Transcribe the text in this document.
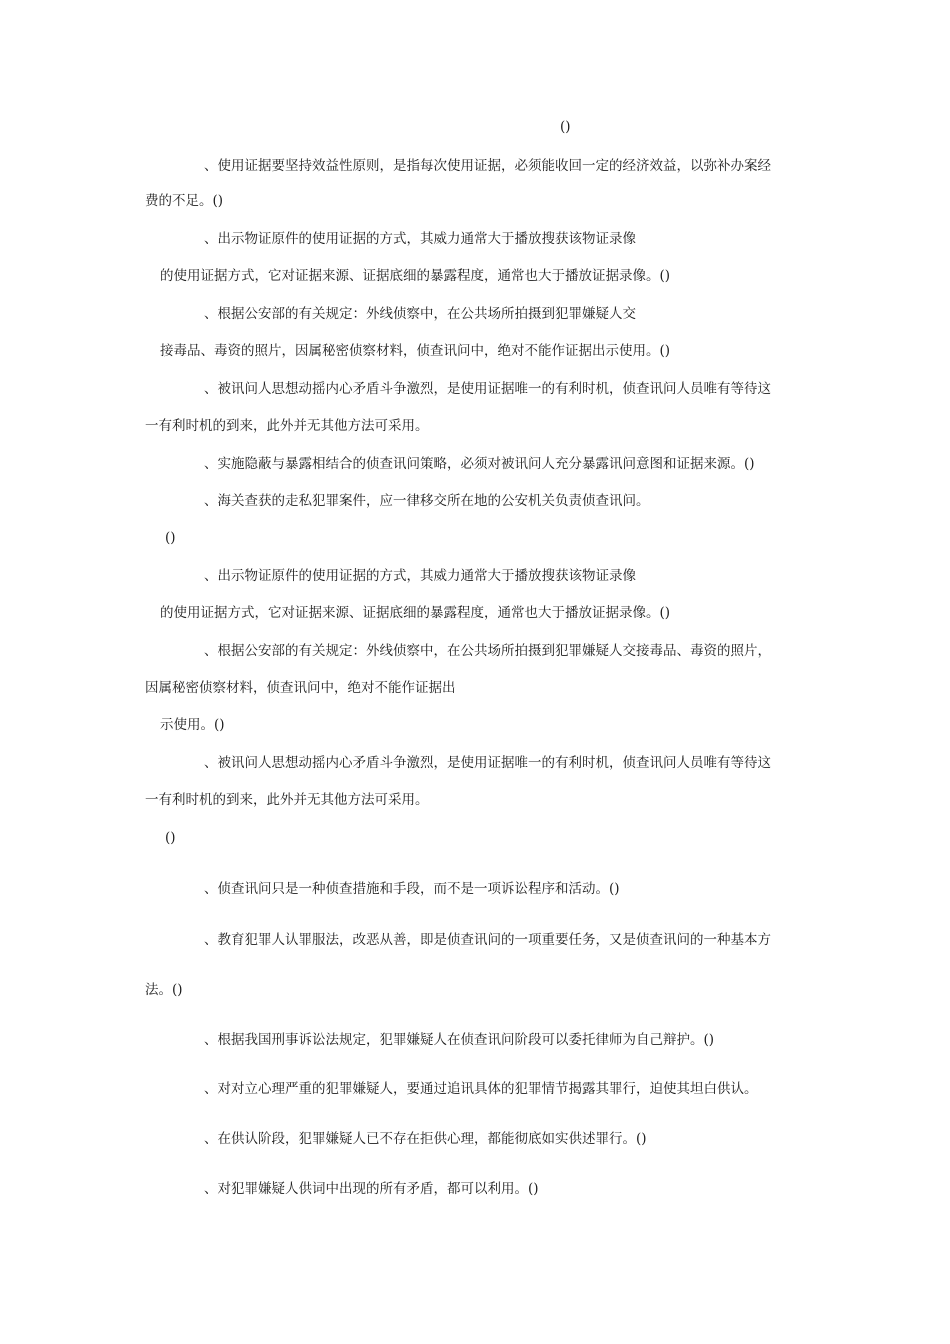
()
、使用证据要坚持效益性原则，是指每次使用证据，必须能收回一定的经济效益，以弥补办案经
费的不足。()
、出示物证原件的使用证据的方式，其威力通常大于播放搜获该物证录像
的使用证据方式，它对证据来源、证据底细的暴露程度，通常也大于播放证据录像。()
、根据公安部的有关规定：外线侦察中，在公共场所拍摄到犯罪嫌疑人交
接毒品、毒资的照片，因属秘密侦察材料，侦查讯问中，绝对不能作证据出示使用。()
、被讯问人思想动摇内心矛盾斗争激烈，是使用证据唯一的有利时机，侦查讯问人员唯有等待这
一有利时机的到来，此外并无其他方法可采用。
、实施隐蔽与暴露相结合的侦查讯问策略，必须对被讯问人充分暴露讯问意图和证据来源。()
、海关查获的走私犯罪案件，应一律移交所在地的公安机关负责侦查讯问。
()
、出示物证原件的使用证据的方式，其威力通常大于播放搜获该物证录像
的使用证据方式，它对证据来源、证据底细的暴露程度，通常也大于播放证据录像。()
、根据公安部的有关规定：外线侦察中，在公共场所拍摄到犯罪嫌疑人交接毒品、毒资的照片，
因属秘密侦察材料，侦查讯问中，绝对不能作证据出
示使用。()
、被讯问人思想动摇内心矛盾斗争激烈，是使用证据唯一的有利时机，侦查讯问人员唯有等待这
一有利时机的到来，此外并无其他方法可采用。
()
、侦查讯问只是一种侦查措施和手段，而不是一项诉讼程序和活动。()
、教育犯罪人认罪服法，改恶从善，即是侦查讯问的一项重要任务，又是侦查讯问的一种基本方
法。()
、根据我国刑事诉讼法规定，犯罪嫌疑人在侦查讯问阶段可以委托律师为自己辩护。()
、对对立心理严重的犯罪嫌疑人，要通过追讯具体的犯罪情节揭露其罪行，迫使其坦白供认。
、在供认阶段，犯罪嫌疑人已不存在拒供心理，都能彻底如实供述罪行。()
、对犯罪嫌疑人供词中出现的所有矛盾，都可以利用。()
